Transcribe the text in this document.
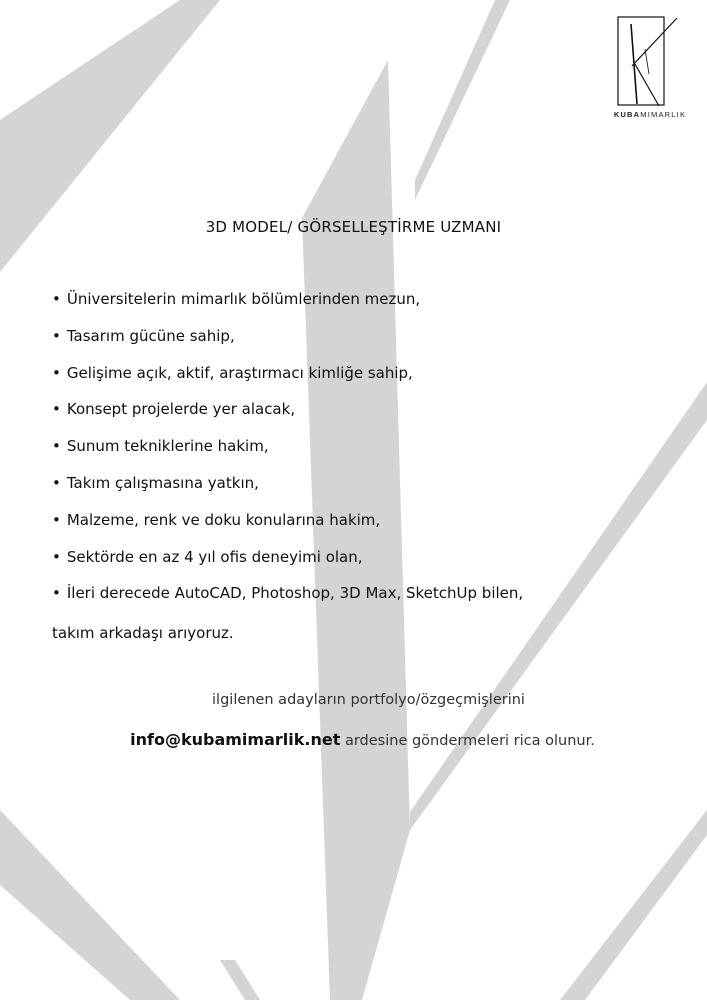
KUBAMIMARLIK
3D MODEL/ GÖRSELLEŞTİRME UZMANI
• Üniversitelerin mimarlık bölümlerinden mezun,
• Tasarım gücüne sahip,
• Gelişime açık, aktif, araştırmacı kimliğe sahip,
• Konsept projelerde yer alacak,
• Sunum tekniklerine hakim,
• Takım çalışmasına yatkın,
• Malzeme, renk ve doku konularına hakim,
• Sektörde en az 4 yıl ofis deneyimi olan,
• İleri derecede AutoCAD, Photoshop, 3D Max, SketchUp bilen,
takım arkadaşı arıyoruz.
ilgilenen adayların portfolyo/özgeçmişlerini
info@kubamimarlik.net ardesine göndermeleri rica olunur.
